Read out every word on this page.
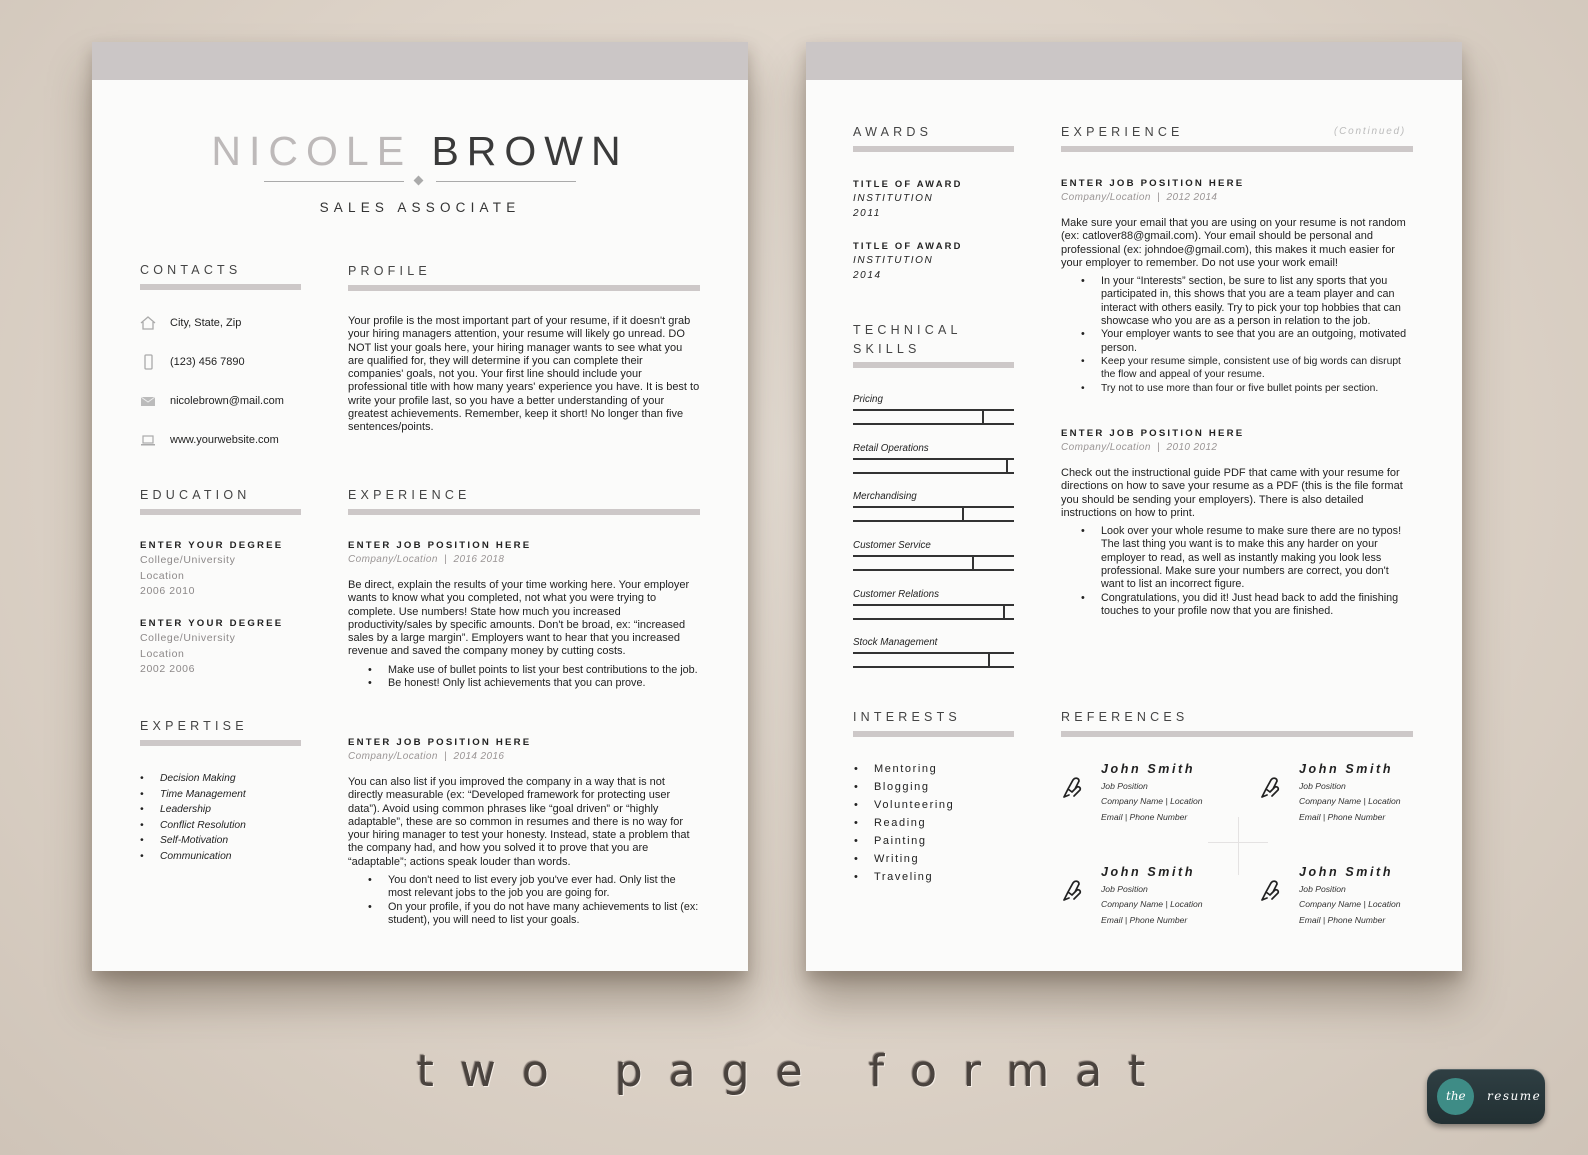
NICOLE BROWN
SALES ASSOCIATE
CONTACTS
City, State, Zip
(123) 456 7890
nicolebrown@mail.com
www.yourwebsite.com
PROFILE
Your profile is the most important part of your resume, if it doesn't grab your hiring managers attention, your resume will likely go unread. DO NOT list your goals here, your hiring manager wants to see what you are qualified for, they will determine if you can complete their companies' goals, not you. Your first line should include your professional title with how many years' experience you have. It is best to write your profile last, so you have a better understanding of your greatest achievements. Remember, keep it short! No longer than five sentences/points.
EDUCATION
ENTER YOUR DEGREE
College/University
Location
2006 2010
ENTER YOUR DEGREE
College/University
Location
2002 2006
EXPERTISE
• Decision Making
• Time Management
• Leadership
• Conflict Resolution
• Self-Motivation
• Communication
EXPERIENCE
ENTER JOB POSITION HERE
Company/Location  |  2016 2018
Be direct, explain the results of your time working here. Your employer wants to know what you completed, not what you were trying to complete. Use numbers! State how much you increased productivity/sales by specific amounts. Don't be broad, ex: “increased sales by a large margin”. Employers want to hear that you increased revenue and saved the company money by cutting costs.
• Make use of bullet points to list your best contributions to the job.
• Be honest! Only list achievements that you can prove.
ENTER JOB POSITION HERE
Company/Location  |  2014 2016
You can also list if you improved the company in a way that is not directly measurable (ex: “Developed framework for protecting user data”). Avoid using common phrases like “goal driven” or “highly adaptable”, these are so common in resumes and there is no way for your hiring manager to test your honesty. Instead, state a problem that the company had, and how you solved it to prove that you are “adaptable”; actions speak louder than words.
• You don't need to list every job you've ever had. Only list the most relevant jobs to the job you are going for.
• On your profile, if you do not have many achievements to list (ex: student), you will need to list your goals.
AWARDS
TITLE OF AWARD
INSTITUTION
2011
TITLE OF AWARD
INSTITUTION
2014
TECHNICAL
SKILLS
Pricing
Retail Operations
Merchandising
Customer Service
Customer Relations
Stock Management
INTERESTS
Mentoring
Blogging
Volunteering
Reading
Painting
Writing
Traveling
EXPERIENCE	(Continued)
ENTER JOB POSITION HERE
Company/Location  |  2012 2014
Make sure your email that you are using on your resume is not random (ex: catlover88@gmail.com). Your email should be personal and professional (ex: johndoe@gmail.com), this makes it much easier for your employer to remember. Do not use your work email!
• In your “Interests” section, be sure to list any sports that you participated in, this shows that you are a team player and can interact with others easily. Try to pick your top hobbies that can showcase who you are as a person in relation to the job.
• Your employer wants to see that you are an outgoing, motivated person.
• Keep your resume simple, consistent use of big words can disrupt the flow and appeal of your resume.
• Try not to use more than four or five bullet points per section.
ENTER JOB POSITION HERE
Company/Location  |  2010 2012
Check out the instructional guide PDF that came with your resume for directions on how to save your resume as a PDF (this is the file format you should be sending your employers). There is also detailed instructions on how to print.
• Look over your whole resume to make sure there are no typos! The last thing you want is to make this any harder on your employer to read, as well as instantly making you look less professional. Make sure your numbers are correct, you don't want to list an incorrect figure.
• Congratulations, you did it! Just head back to add the finishing touches to your profile now that you are finished.
REFERENCES
John Smith
Job Position
Company Name | Location
Email | Phone Number
John Smith
Job Position
Company Name | Location
Email | Phone Number
John Smith
Job Position
Company Name | Location
Email | Phone Number
John Smith
Job Position
Company Name | Location
Email | Phone Number
two page format	the resume
